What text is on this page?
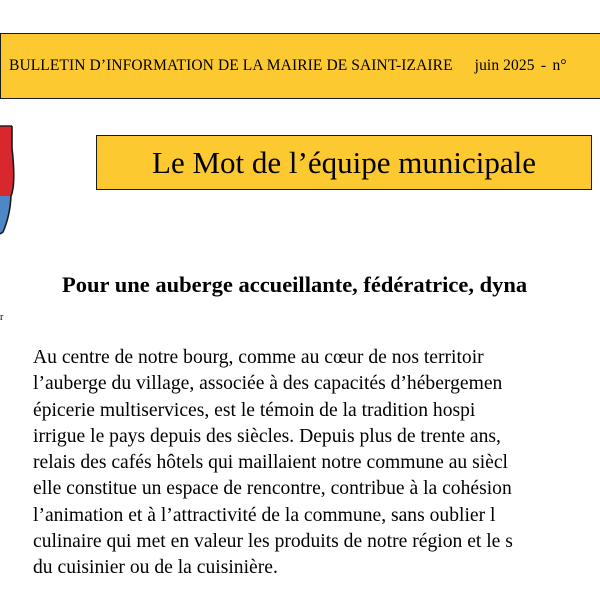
BULLETIN D’INFORMATION DE LA MAIRIE DE SAINT-IZAIRE juin 2025 - n°
r
Le Mot de l’équipe municipale
Pour une auberge accueillante, fédératrice, dyna

Au centre de notre bourg, comme au cœur de nos territoir
l’auberge du village, associée à des capacités d’hébergemen
épicerie multiservices, est le témoin de la tradition hospi
irrigue le pays depuis des siècles. Depuis plus de trente ans,
relais des cafés hôtels qui maillaient notre commune au siècl
elle constitue un espace de rencontre, contribue à la cohésion
l’animation et à l’attractivité de la commune, sans oublier l
culinaire qui met en valeur les produits de notre région et le s
du cuisinier ou de la cuisinière.
